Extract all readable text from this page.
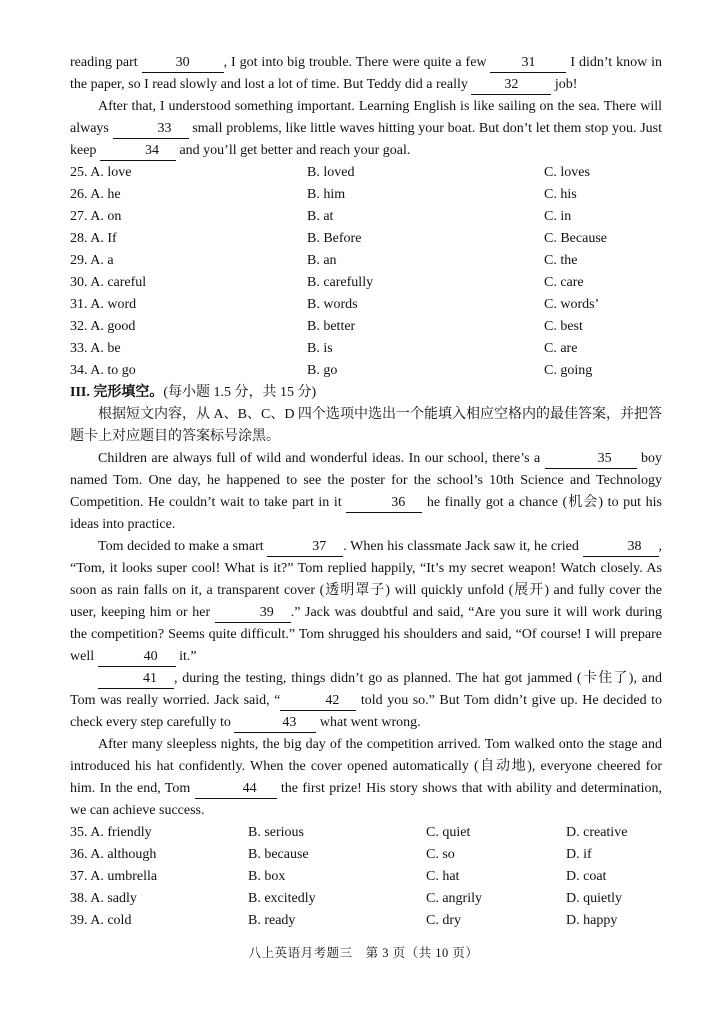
reading part 30 , I got into big trouble. There were quite a few 31 I didn’t know in the paper, so I read slowly and lost a lot of time. But Teddy did a really 32 job!

After that, I understood something important. Learning English is like sailing on the sea. There will always	33 small problems, like little waves hitting your boat. But don’t let them stop you. Just keep	34 and you’ll get better and reach your goal.

25. A. love	B. loved	C. loves
26. A. he	B. him	C. his
27. A. on	B. at	C. in
28. A. If	B. Before	C. Because
29. A. a	B. an	C. the
30. A. careful	B. carefully	C. care
31. A. word	B. words	C. words’
32. A. good	B. better	C. best
33. A. be	B. is	C. are
34. A. to go	B. go	C. going
III. 完形填空。(每小题 1.5 分，共 15 分)

根据短文内容，从 A、B、C、D 四个选项中选出一个能填入相应空格内的最佳答案，并把答题卡上对应题目的答案标号涂黑。

Children are always full of wild and wonderful ideas. In our school, there’s a	35 boy named Tom. One day, he happened to see the poster for the school’s 10th Science and Technology Competition. He couldn’t wait to take part in it	36 he finally got a chance (机会) to put his ideas into practice.

Tom decided to make a smart	37 . When his classmate Jack saw it, he cried	38 , “Tom, it looks super cool! What is it?” Tom replied happily, “It’s my secret weapon! Watch closely. As soon as rain falls on it, a transparent cover (透明罩子) will quickly unfold (展开) and fully cover the user, keeping him or her	39 .” Jack was doubtful and said, “Are you sure it will work during the competition? Seems quite difficult.” Tom shrugged his shoulders and said, “Of course! I will prepare well	40 it.”

41 , during the testing, things didn’t go as planned. The hat got jammed (卡住了), and Tom was really worried. Jack said, “	42 told you so.” But Tom didn’t give up. He decided to check every step carefully to	43 what went wrong.

After many sleepless nights, the big day of the competition arrived. Tom walked onto the stage and introduced his hat confidently. When the cover opened automatically (自动地), everyone cheered for him. In the end, Tom	44 the first prize! His story shows that with ability and determination, we can achieve success.

35. A. friendly	B. serious	C. quiet	D. creative
36. A. although	B. because	C. so	D. if
37. A. umbrella	B. box	C. hat	D. coat
38. A. sadly	B. excitedly	C. angrily	D. quietly
39. A. cold	B. ready	C. dry	D. happy
八上英语月考题三　第 3 页（共 10 页）
